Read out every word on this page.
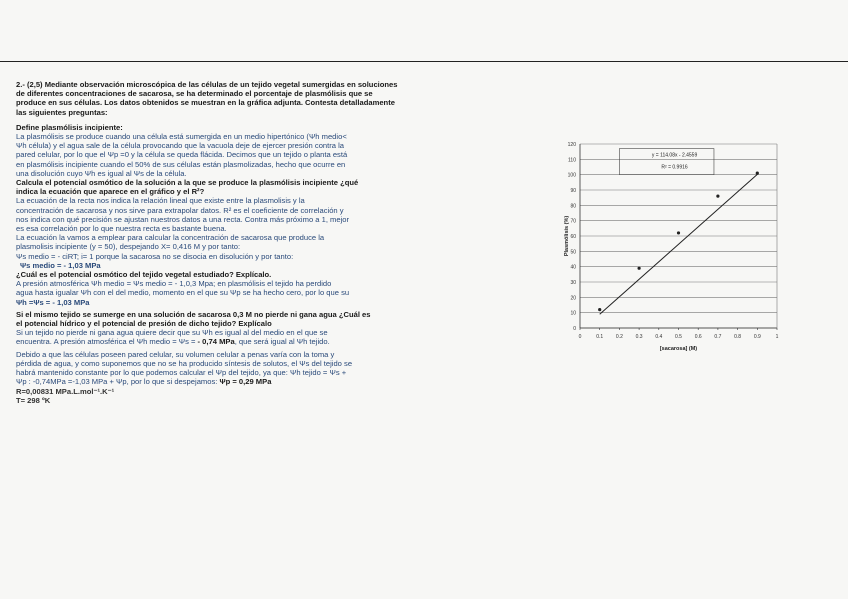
2.- (2,5) Mediante observación microscópica de las células de un tejido vegetal sumergidas en soluciones

de diferentes concentraciones de sacarosa, se ha determinado el porcentaje de plasmólisis que se

produce en sus células. Los datos obtenidos se muestran en la gráfica adjunta. Contesta detalladamente

las siguientes preguntas:

Define plasmólisis incipiente:

La plasmólisis se produce cuando una célula está sumergida en un medio hipertónico (Ψh medio<

Ψh célula) y el agua sale de la célula provocando que la vacuola deje de ejercer presión contra la

pared celular, por lo que el Ψp =0 y la célula se queda flácida. Decimos que un tejido o planta está

en plasmólisis incipiente cuando el 50% de sus células están plasmolizadas, hecho que ocurre en

una disolución cuyo Ψh es igual al Ψs de la célula.

Calcula el potencial osmótico de la solución a la que se produce la plasmólisis incipiente ¿qué

indica la ecuación que aparece en el gráfico y el R²?

La ecuación de la recta nos indica la relación lineal que existe entre la plasmolisis y la

concentración de sacarosa y nos sirve para extrapolar datos. R² es el coeficiente de correlación y

nos indica con qué precisión se ajustan nuestros datos a una recta. Contra más próximo a 1, mejor

es esa correlación por lo que nuestra recta es bastante buena.

La ecuación la vamos a emplear para calcular la concentración de sacarosa que produce la

plasmolisis incipiente (y = 50), despejando X= 0,416 M y por tanto:

Ψs medio = - ciRT; i= 1 porque la sacarosa no se disocia en disolución y por tanto:

Ψs medio = - 1,03 MPa

¿Cuál es el potencial osmótico del tejido vegetal estudiado? Explícalo.

A presión atmosférica Ψh medio = Ψs medio = - 1,0,3 Mpa; en plasmólisis el tejido ha perdido

agua hasta igualar Ψh con el del medio, momento en el que su Ψp se ha hecho cero, por lo que su

Ψh =Ψs = - 1,03 MPa

Si el mismo tejido se sumerge en una solución de sacarosa 0,3 M no pierde ni gana agua ¿Cuál es

el potencial hídrico y el potencial de presión de dicho tejido? Explícalo

Si un tejido no pierde ni gana agua quiere decir que su Ψh es igual al del medio en el que se

encuentra. A presión atmosférica el Ψh medio = Ψs = - 0,74 MPa, que será igual al Ψh tejido.

Debido a que las células poseen pared celular, su volumen celular a penas varía con la toma y

pérdida de agua, y como suponemos que no se ha producido síntesis de solutos, el Ψs del tejido se

habrá mantenido constante por lo que podemos calcular el Ψp del tejido, ya que: Ψh tejido = Ψs +

Ψp : -0,74MPa =-1,03 MPa + Ψp, por lo que si despejamos: Ψp = 0,29 MPa

R=0,00831 MPa.L.mol⁻¹.K⁻¹

T= 298 ºK

0
10
20
30
40
50
60
70
80
90
100
110
120
0	0.1	0.2	0.3	0.4	0.5	0.6	0.7	0.8	0.9	1
y = 114.08x - 2.4559
R² = 0.9916
[sacarosa] (M)
Plasmólisis (%)
